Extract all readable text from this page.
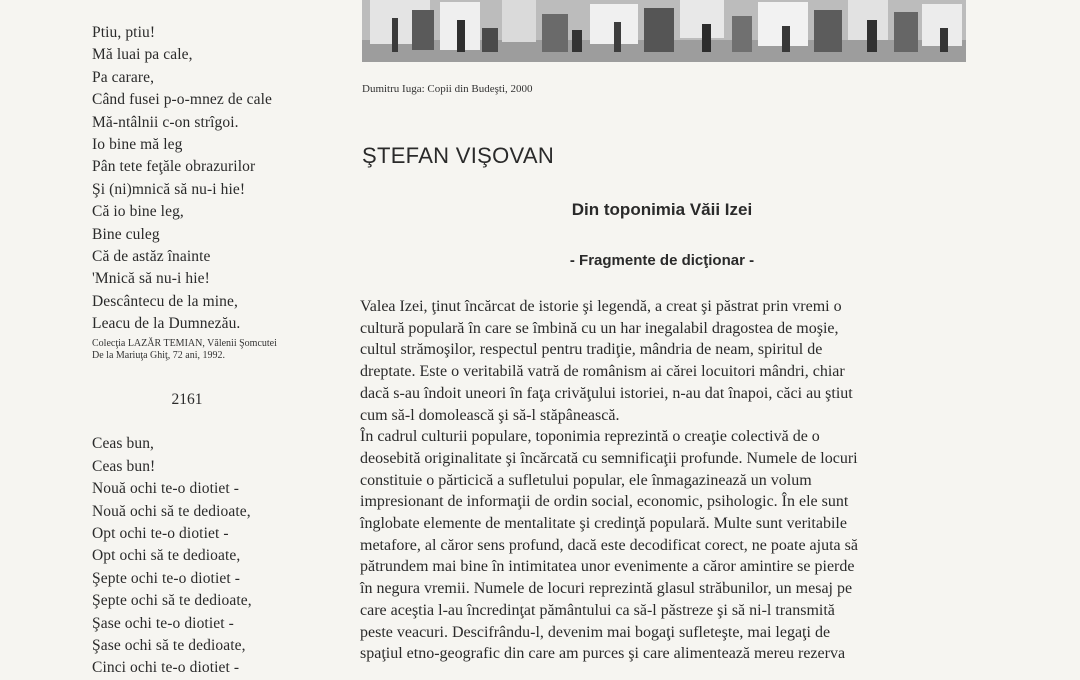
Ptiu, ptiu!
Mă luai pa cale,
Pa carare,
Când fusei p-o-mnez de cale
Mă-ntâlnii c-on strîgoi.
Io bine mă leg
Pân tete feţăle obrazurilor
Şi (ni)mnică să nu-i hie!
Că io bine leg,
Bine culeg
Că de astăz înainte
'Mnică să nu-i hie!
Descântecu de la mine,
Leacu de la Dumnezău.
Colecţia LAZĂR TEMIAN, Vălenii Şomcutei
De la Mariuţa Ghiţ, 72 ani, 1992.
2161
Ceas bun,
Ceas bun!
Nouă ochi te-o diotiet -
Nouă ochi să te dedioate,
Opt ochi te-o diotiet -
Opt ochi să te dedioate,
Şepte ochi te-o diotiet -
Şepte ochi să te dedioate,
Şase ochi te-o diotiet -
Şase ochi să te dedioate,
Cinci ochi te-o diotiet -
Dumitru Iuga: Copii din Budeşti, 2000
ŞTEFAN VIŞOVAN
Din toponimia Văii Izei
- Fragmente de dicţionar -
Valea Izei, ţinut încărcat de istorie şi legendă, a creat şi păstrat prin vremi o
cultură populară în care se îmbină cu un har inegalabil dragostea de moşie,
cultul strămoşilor, respectul pentru tradiţie, mândria de neam, spiritul de
dreptate. Este o veritabilă vatră de românism ai cărei locuitori mândri, chiar
dacă s-au îndoit uneori în faţa crivăţului istoriei, n-au dat înapoi, căci au ştiut
cum să-l domolească şi să-l stăpânească.
În cadrul culturii populare, toponimia reprezintă o creaţie colectivă de o
deosebită originalitate şi încărcată cu semnificaţii profunde. Numele de locuri
constituie o părticică a sufletului popular, ele înmagazinează un volum
impresionant de informaţii de ordin social, economic, psihologic. În ele sunt
înglobate elemente de mentalitate şi credinţă populară. Multe sunt veritabile
metafore, al căror sens profund, dacă este decodificat corect, ne poate ajuta să
pătrundem mai bine în intimitatea unor evenimente a căror amintire se pierde
în negura vremii. Numele de locuri reprezintă glasul străbunilor, un mesaj pe
care aceştia l-au încredinţat pământului ca să-l păstreze şi să ni-l transmită
peste veacuri. Descifrându-l, devenim mai bogaţi sufleteşte, mai legaţi de
spaţiul etno-geografic din care am purces şi care alimentează mereu rezerva
